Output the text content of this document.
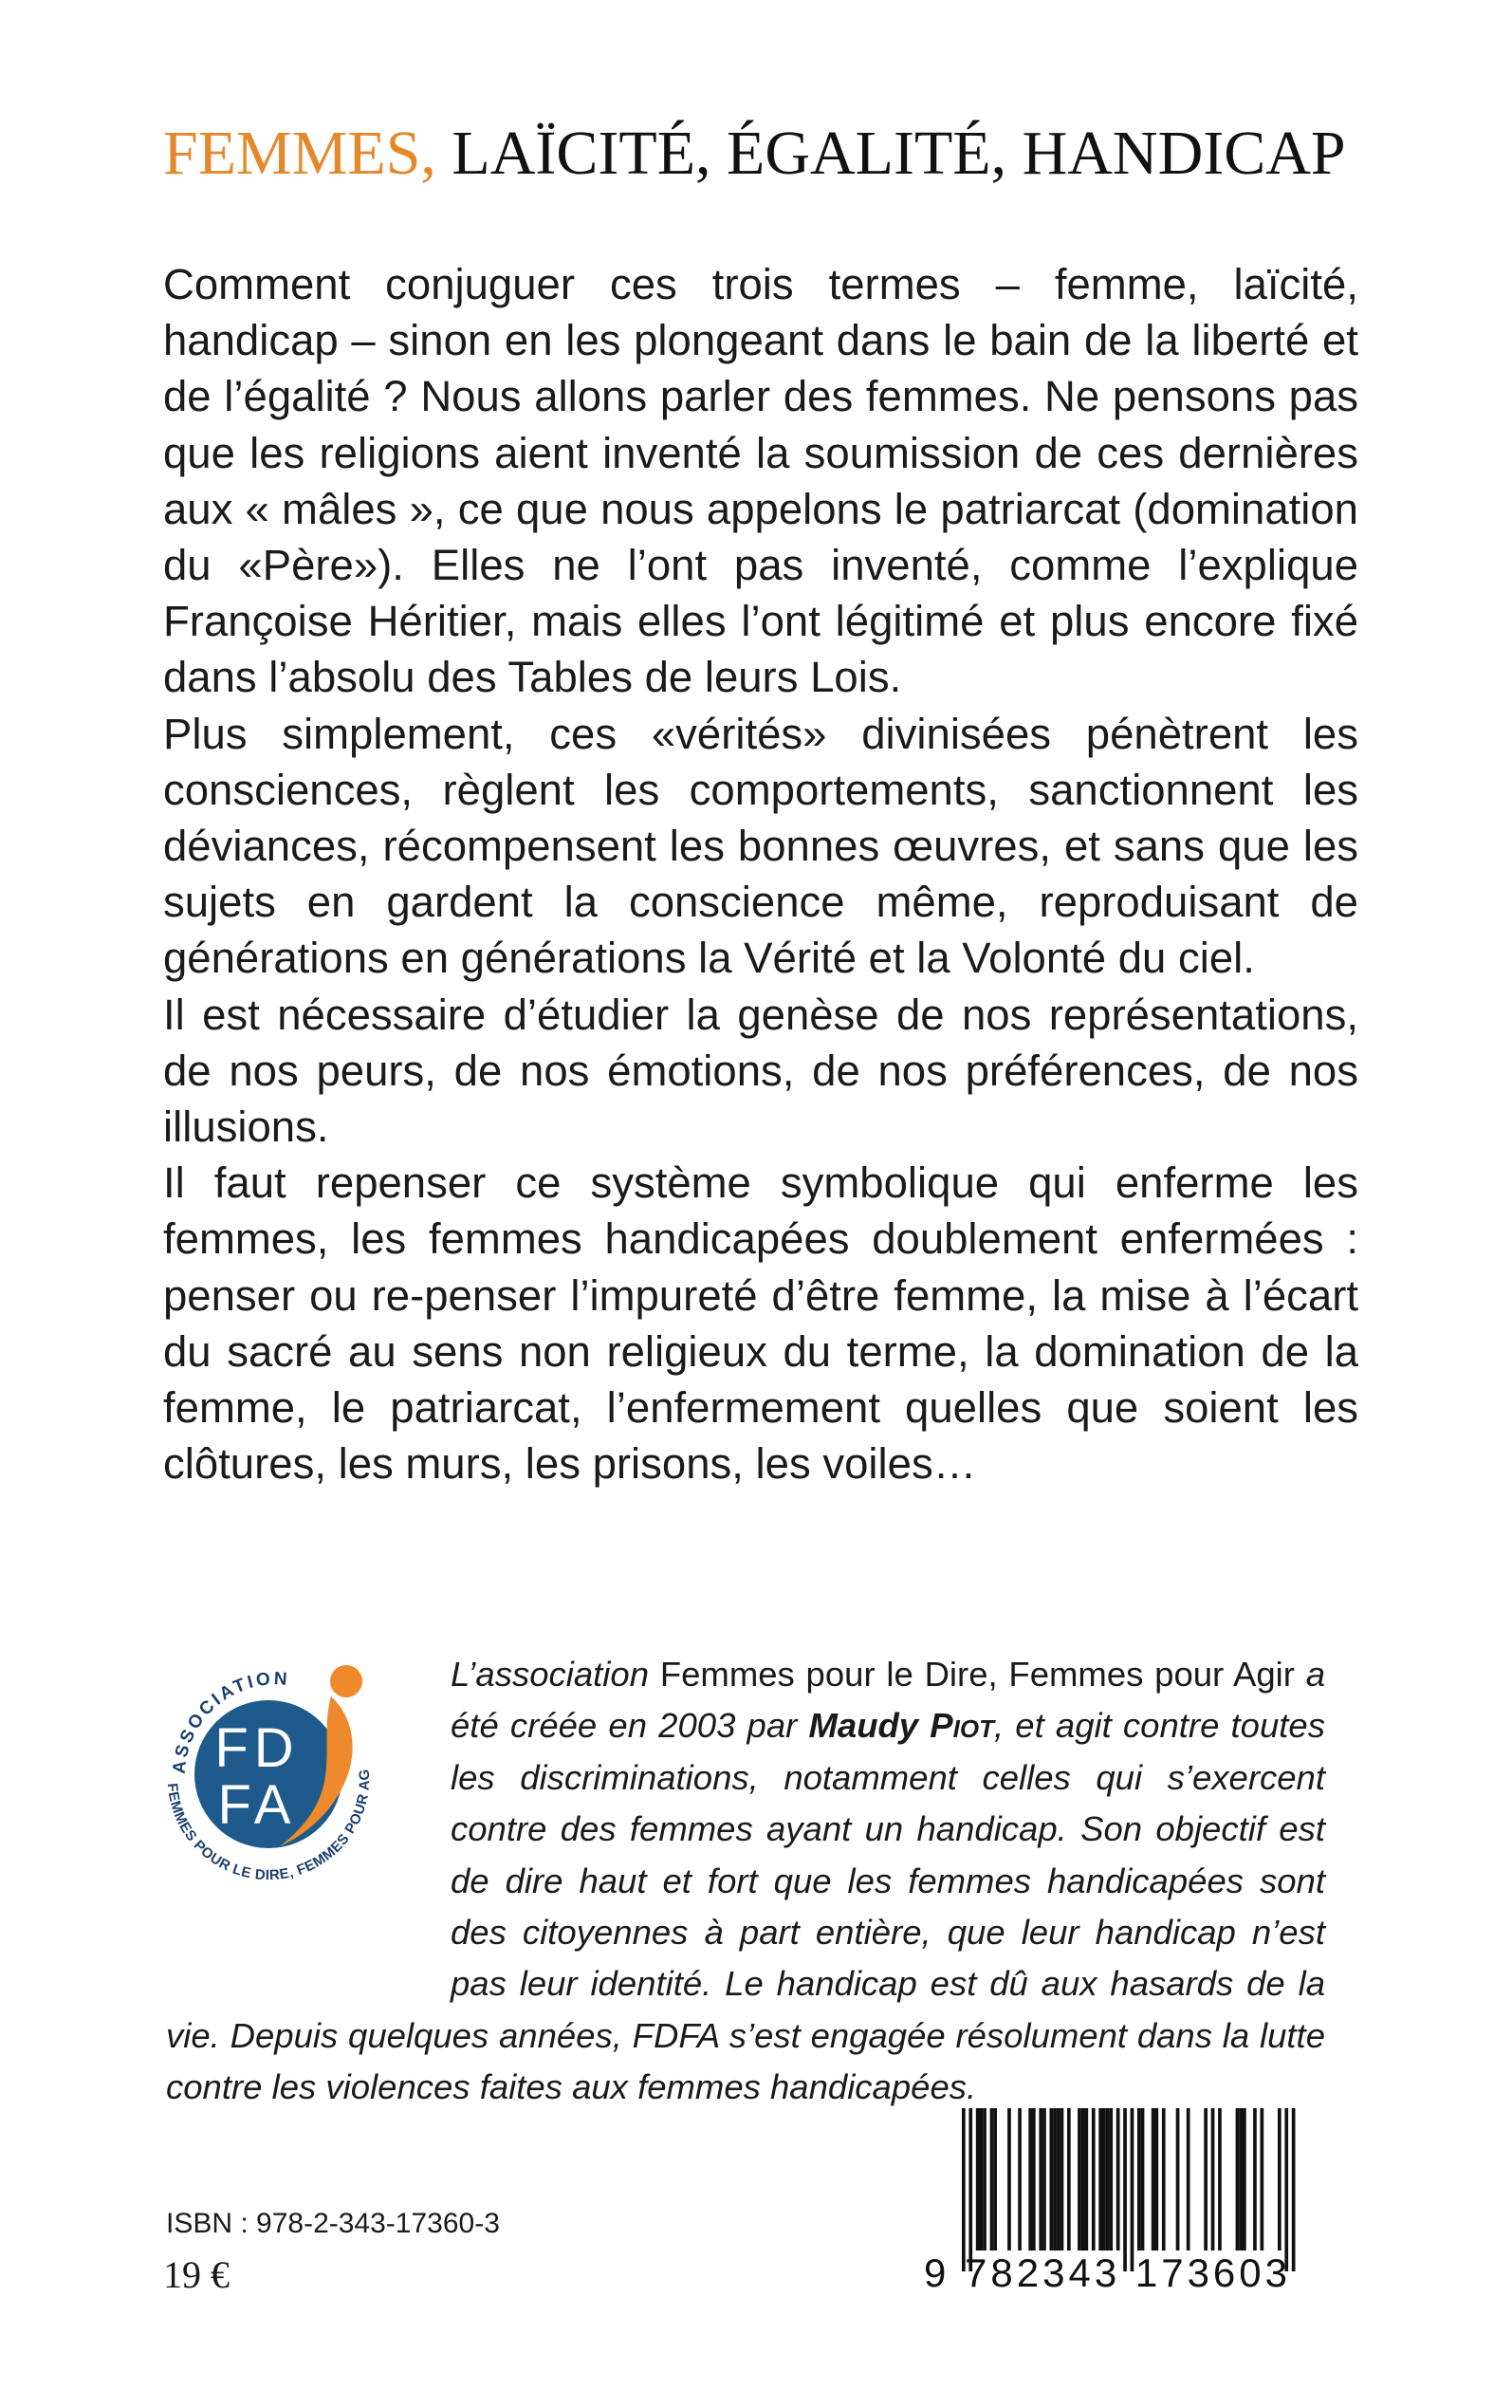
FEMMES, LAÏCITÉ, ÉGALITÉ, HANDICAP

Comment conjuguer ces trois termes – femme, laïcité, handicap – sinon en les plongeant dans le bain de la liberté et de l’égalité ? Nous allons parler des femmes. Ne pensons pas que les religions aient inventé la soumission de ces dernières aux « mâles », ce que nous appelons le patriarcat (domination du «Père»). Elles ne l’ont pas inventé, comme l’explique Françoise Héritier, mais elles l’ont légitimé et plus encore fixé dans l’absolu des Tables de leurs Lois.

Plus simplement, ces «vérités» divinisées pénètrent les consciences, règlent les comportements, sanctionnent les déviances, récompensent les bonnes œuvres, et sans que les sujets en gardent la conscience même, reproduisant de générations en générations la Vérité et la Volonté du ciel.

Il est nécessaire d’étudier la genèse de nos représentations, de nos peurs, de nos émotions, de nos préférences, de nos illusions.

Il faut repenser ce système symbolique qui enferme les femmes, les femmes handicapées doublement enfermées : penser ou re-penser l’impureté d’être femme, la mise à l’écart du sacré au sens non religieux du terme, la domination de la femme, le patriarcat, l’enfermement quelles que soient les clôtures, les murs, les prisons, les voiles…

L’association Femmes pour le Dire, Femmes pour Agir a été créée en 2003 par Maudy Piot, et agit contre toutes les discriminations, notamment celles qui s’exercent contre des femmes ayant un handicap. Son objectif est de dire haut et fort que les femmes handicapées sont des citoyennes à part entière, que leur handicap n’est pas leur identité. Le handicap est dû aux hasards de la vie. Depuis quelques années, FDFA s’est engagée résolument dans la lutte contre les violences faites aux femmes handicapées.

ASSOCIATION
FEMMES POUR LE DIRE, FEMMES POUR AG
FD
FA
ISBN : 978-2-343-17360-3
19 €	9 782343 173603
